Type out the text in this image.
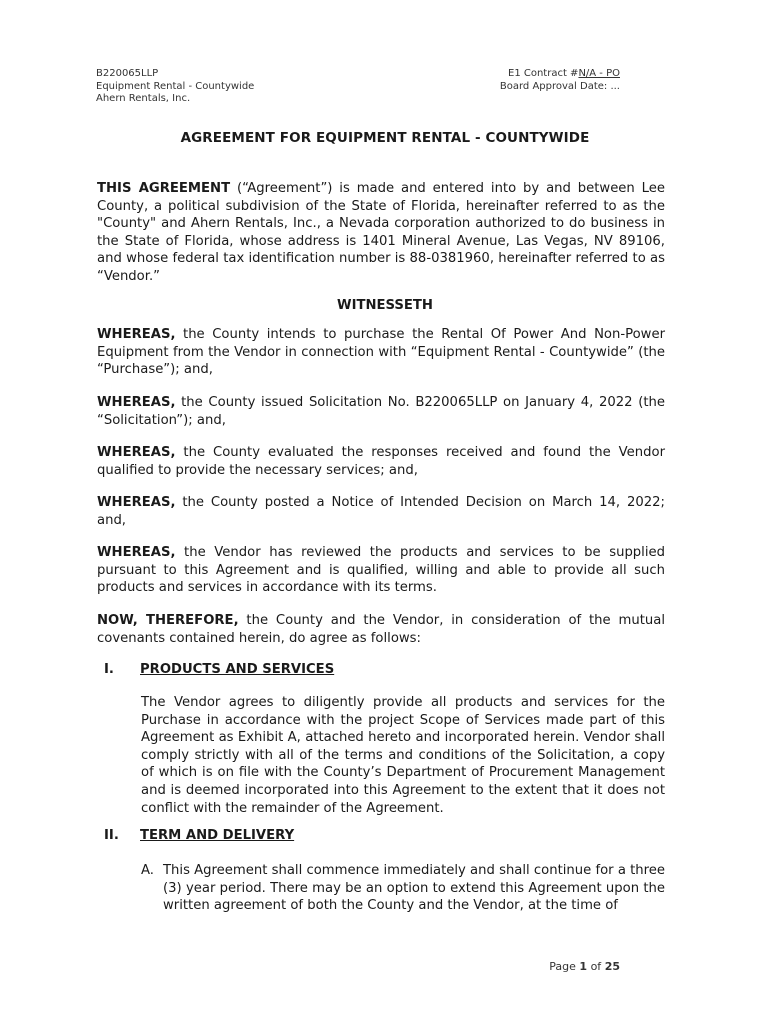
B220065LLP
Equipment Rental - Countywide
Ahern Rentals, Inc.
E1 Contract #N/A - PO
Board Approval Date: ...
AGREEMENT FOR EQUIPMENT RENTAL - COUNTYWIDE
THIS AGREEMENT (“Agreement”) is made and entered into by and between Lee County, a political subdivision of the State of Florida, hereinafter referred to as the "County" and Ahern Rentals, Inc., a Nevada corporation authorized to do business in the State of Florida, whose address is 1401 Mineral Avenue, Las Vegas, NV 89106, and whose federal tax identification number is 88-0381960, hereinafter referred to as “Vendor.”
WITNESSETH
WHEREAS, the County intends to purchase the Rental Of Power And Non-Power Equipment from the Vendor in connection with “Equipment Rental - Countywide” (the “Purchase”); and,
WHEREAS, the County issued Solicitation No. B220065LLP on January 4, 2022 (the “Solicitation”); and,
WHEREAS, the County evaluated the responses received and found the Vendor qualified to provide the necessary services; and,
WHEREAS, the County posted a Notice of Intended Decision on March 14, 2022; and,
WHEREAS, the Vendor has reviewed the products and services to be supplied pursuant to this Agreement and is qualified, willing and able to provide all such products and services in accordance with its terms.
NOW, THEREFORE, the County and the Vendor, in consideration of the mutual covenants contained herein, do agree as follows:
I. PRODUCTS AND SERVICES
The Vendor agrees to diligently provide all products and services for the Purchase in accordance with the project Scope of Services made part of this Agreement as Exhibit A, attached hereto and incorporated herein. Vendor shall comply strictly with all of the terms and conditions of the Solicitation, a copy of which is on file with the County’s Department of Procurement Management and is deemed incorporated into this Agreement to the extent that it does not conflict with the remainder of the Agreement.
II. TERM AND DELIVERY
A. This Agreement shall commence immediately and shall continue for a three (3) year period. There may be an option to extend this Agreement upon the written agreement of both the County and the Vendor, at the time of
Page 1 of 25
